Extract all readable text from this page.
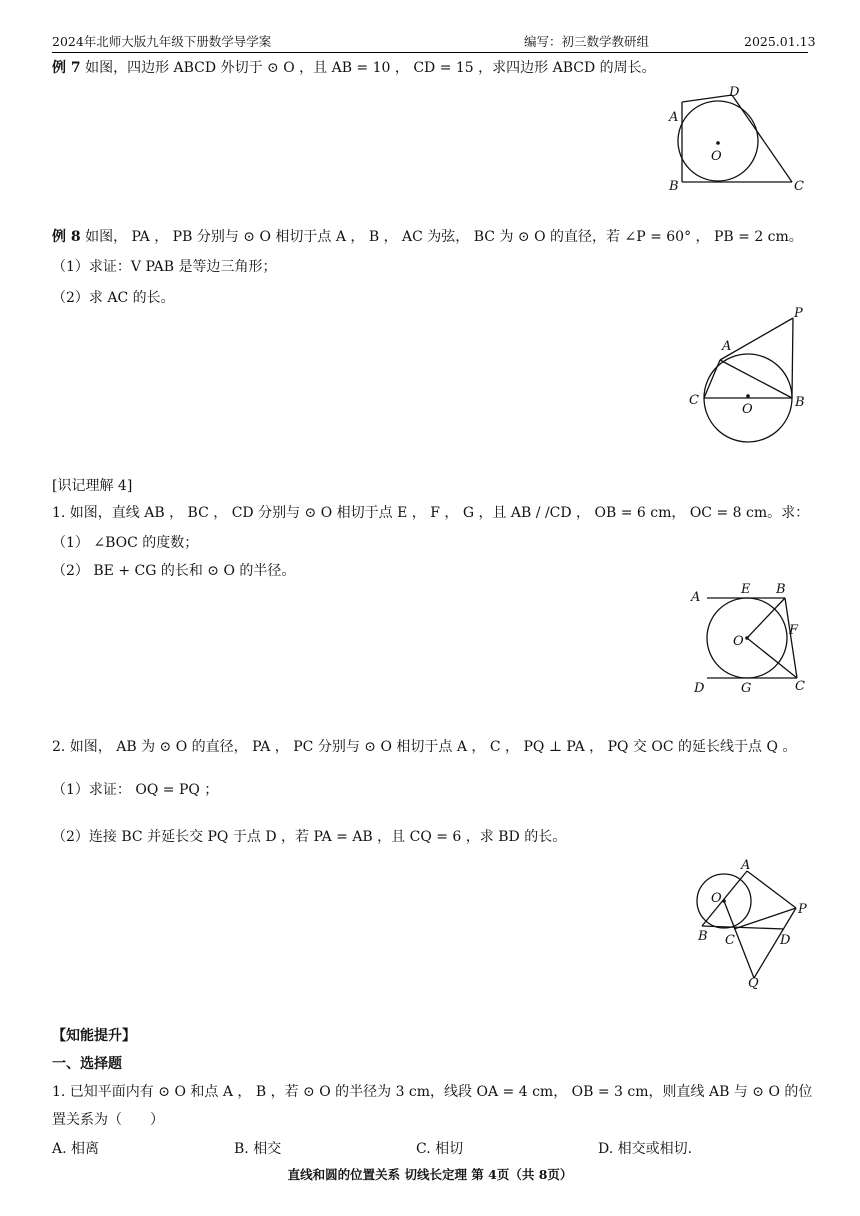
2024年北师大版九年级下册数学导学案	编写：初三数学教研组	2025.01.13
例 7 如图，四边形 ABCD 外切于 ⊙ O ，且 AB = 10 ， CD = 15 ，求四边形 ABCD 的周长。
A
D
O
B	C
例 8 如图， PA ， PB 分别与 ⊙ O 相切于点 A ， B ， AC 为弦， BC 为 ⊙ O 的直径，若 ∠P = 60° ， PB = 2 cm。
（1）求证：V PAB 是等边三角形；
（2）求 AC 的长。
P
A
C
O	B
[识记理解 4]
1. 如图，直线 AB ， BC ， CD 分别与 ⊙ O 相切于点 E ， F ， G ，且 AB / /CD ， OB = 6 cm， OC = 8 cm。求：
（1） ∠BOC 的度数；
（2） BE + CG 的长和 ⊙ O 的半径。
A
E B
O
F
D	G	C
2. 如图， AB 为 ⊙ O 的直径， PA ， PC 分别与 ⊙ O 相切于点 A ， C ， PQ ⊥ PA ， PQ 交 OC 的延长线于点 Q 。
（1）求证： OQ = PQ ；
（2）连接 BC 并延长交 PQ 于点 D ，若 PA = AB ，且 CQ = 6 ，求 BD 的长。
A
O
P
B C	D
Q
【知能提升】
一、选择题
1. 已知平面内有 ⊙ O 和点 A ， B ，若 ⊙ O 的半径为 3 cm，线段 OA = 4 cm， OB = 3 cm，则直线 AB 与 ⊙ O 的位
置关系为（　　）
A. 相离	B. 相交	C. 相切	D. 相交或相切.
直线和圆的位置关系 切线长定理 第 4页（共 8页）
